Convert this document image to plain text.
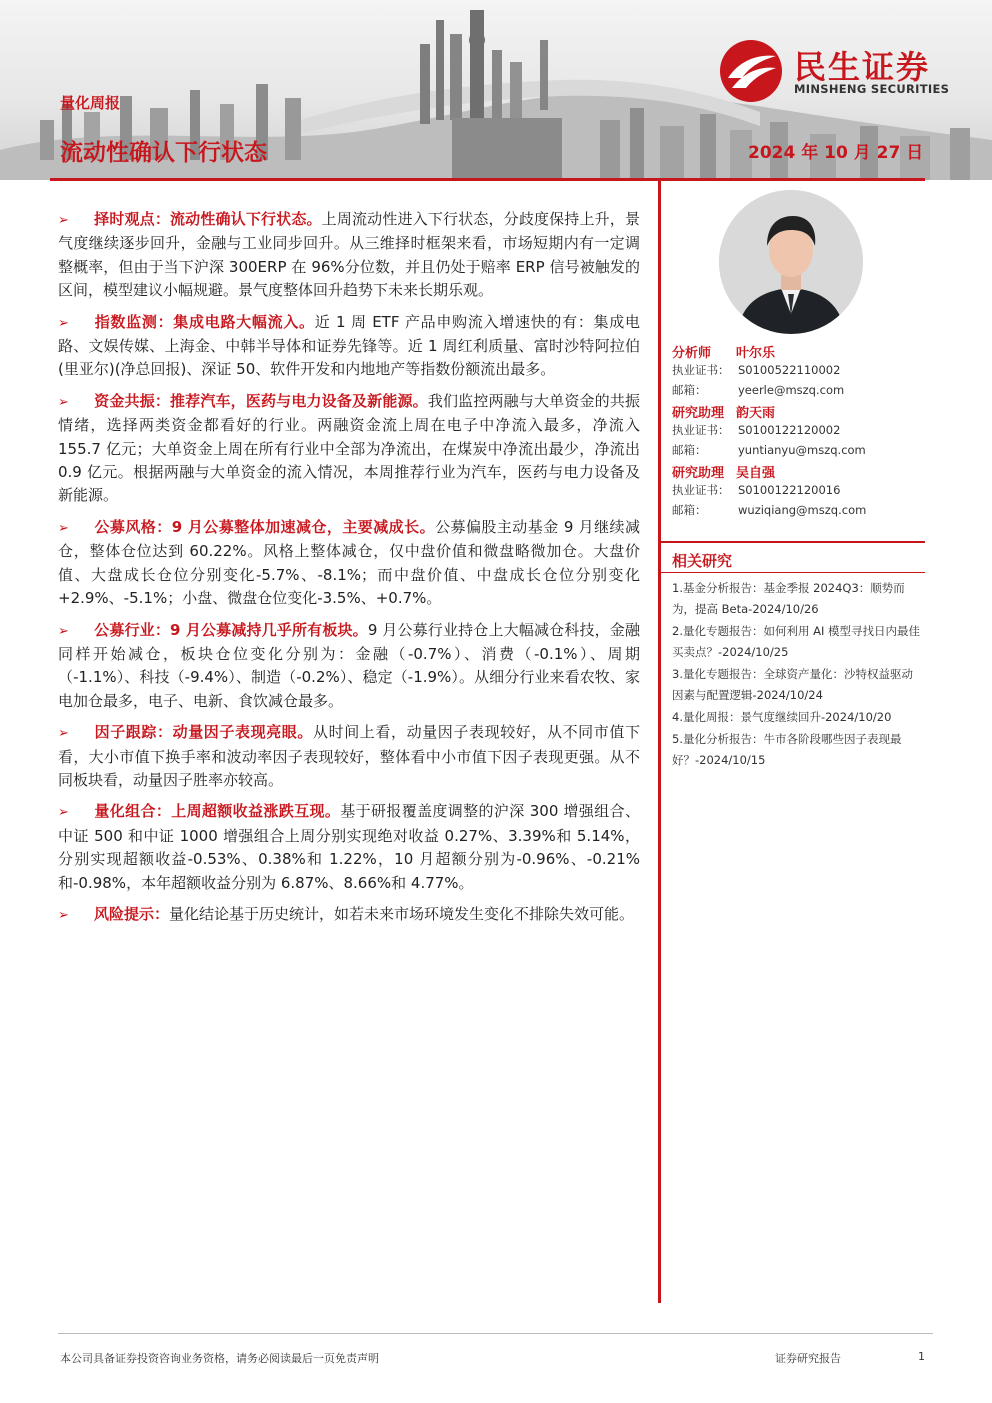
量化周报
流动性确认下行状态	2024 年 10 月 27 日
民生证券
MINSHENG SECURITIES
➢ 择时观点：流动性确认下行状态。上周流动性进入下行状态，分歧度保持上升，景气度继续逐步回升，金融与工业同步回升。从三维择时框架来看，市场短期内有一定调整概率，但由于当下沪深 300ERP 在 96%分位数，并且仍处于赔率 ERP 信号被触发的区间，模型建议小幅规避。景气度整体回升趋势下未来长期乐观。
➢ 指数监测：集成电路大幅流入。近 1 周 ETF 产品申购流入增速快的有：集成电路、文娱传媒、上海金、中韩半导体和证券先锋等。近 1 周红利质量、富时沙特阿拉伯(里亚尔)(净总回报)、深证 50、软件开发和内地地产等指数份额流出最多。
➢ 资金共振：推荐汽车，医药与电力设备及新能源。我们监控两融与大单资金的共振情绪，选择两类资金都看好的行业。两融资金流上周在电子中净流入最多，净流入 155.7 亿元；大单资金上周在所有行业中全部为净流出，在煤炭中净流出最少，净流出 0.9 亿元。根据两融与大单资金的流入情况，本周推荐行业为汽车，医药与电力设备及新能源。
➢ 公募风格：9 月公募整体加速减仓，主要减成长。公募偏股主动基金 9 月继续减仓，整体仓位达到 60.22%。风格上整体减仓，仅中盘价值和微盘略微加仓。大盘价值、大盘成长仓位分别变化-5.7%、-8.1%；而中盘价值、中盘成长仓位分别变化+2.9%、-5.1%；小盘、微盘仓位变化-3.5%、+0.7%。
➢ 公募行业：9 月公募减持几乎所有板块。9 月公募行业持仓上大幅减仓科技，金融同样开始减仓，板块仓位变化分别为：金融（-0.7%）、消费（-0.1%）、周期（-1.1%）、科技（-9.4%）、制造（-0.2%）、稳定（-1.9%）。从细分行业来看农牧、家电加仓最多，电子、电新、食饮减仓最多。
➢ 因子跟踪：动量因子表现亮眼。从时间上看，动量因子表现较好，从不同市值下看，大小市值下换手率和波动率因子表现较好，整体看中小市值下因子表现更强。从不同板块看，动量因子胜率亦较高。
➢ 量化组合：上周超额收益涨跌互现。基于研报覆盖度调整的沪深 300 增强组合、中证 500 和中证 1000 增强组合上周分别实现绝对收益 0.27%、3.39%和 5.14%，分别实现超额收益-0.53%、0.38%和 1.22%，10 月超额分别为-0.96%、-0.21%和-0.98%，本年超额收益分别为 6.87%、8.66%和 4.77%。
➢ 风险提示：量化结论基于历史统计，如若未来市场环境发生变化不排除失效可能。
分析师	叶尔乐
执业证书： S0100522110002
邮箱：	yeerle@mszq.com
研究助理 韵天雨
执业证书： S0100122120002
邮箱：	yuntianyu@mszq.com
研究助理 吴自强
执业证书： S0100122120016
邮箱：	wuziqiang@mszq.com
相关研究
1.基金分析报告：基金季报 2024Q3：顺势而为，提高 Beta-2024/10/26
2.量化专题报告：如何利用 AI 模型寻找日内最佳买卖点？-2024/10/25
3.量化专题报告：全球资产量化：沙特权益驱动因素与配置逻辑-2024/10/24
4.量化周报：景气度继续回升-2024/10/20
5.量化分析报告：牛市各阶段哪些因子表现最好？-2024/10/15
本公司具备证券投资咨询业务资格，请务必阅读最后一页免责声明	证券研究报告	1
